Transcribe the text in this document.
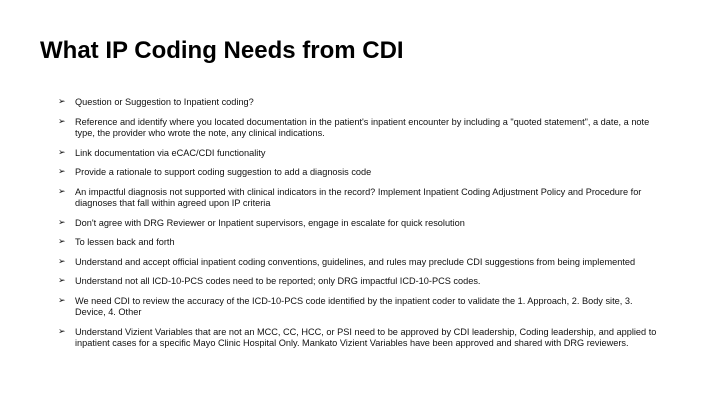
What IP Coding Needs from CDI
➢	Question or Suggestion to Inpatient coding?
➢	Reference and identify where you located documentation in the patient's inpatient encounter by including a "quoted statement", a date, a note type, the provider who wrote the note, any clinical indications.
➢	Link documentation via eCAC/CDI functionality
➢	Provide a rationale to support coding suggestion to add a diagnosis code
➢	An impactful diagnosis not supported with clinical indicators in the record? Implement Inpatient Coding Adjustment Policy and Procedure for diagnoses that fall within agreed upon IP criteria
➢	Don't agree with DRG Reviewer or Inpatient supervisors, engage in escalate for quick resolution
➢	To lessen back and forth
➢	Understand and accept official inpatient coding conventions, guidelines, and rules may preclude CDI suggestions from being implemented
➢	Understand not all ICD-10-PCS codes need to be reported; only DRG impactful ICD-10-PCS codes.
➢	We need CDI to review the accuracy of the ICD-10-PCS code identified by the inpatient coder to validate the 1. Approach, 2. Body site, 3. Device, 4. Other
➢	Understand Vizient Variables that are not an MCC, CC, HCC, or PSI need to be approved by CDI leadership, Coding leadership, and applied to inpatient cases for a specific Mayo Clinic Hospital Only. Mankato Vizient Variables have been approved and shared with DRG reviewers.
